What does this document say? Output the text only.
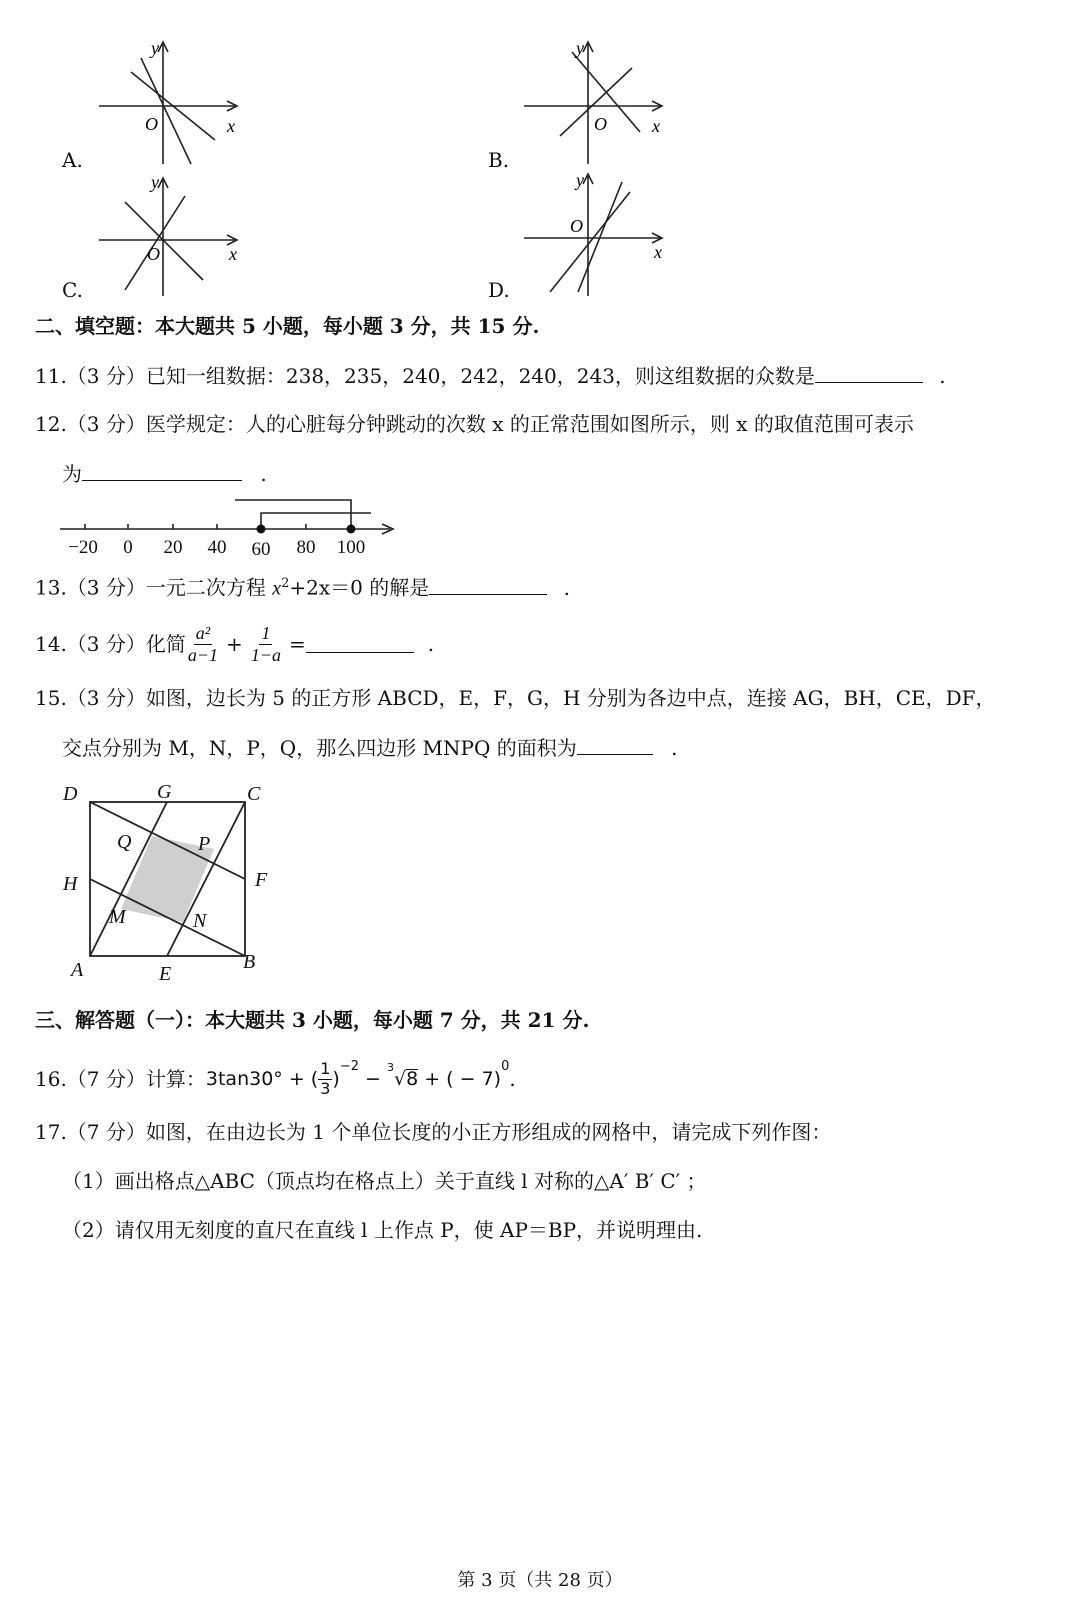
x
y
O
A.
x
y
O
B.
x
y
O
C.
x
y
O
D.
二、填空题：本大题共 5 小题，每小题 3 分，共 15 分.
11.（3 分）已知一组数据：238，235，240，242，240，243，则这组数据的众数是	.
12.（3 分）医学规定：人的心脏每分钟跳动的次数 x 的正常范围如图所示，则 x 的取值范围可表示
为	.
−20 0 20 40 60 80 100
13.（3 分）一元二次方程 $x^2+2x=0$ 的解是	.
14.（3 分）化简 $\frac{\text{a²}}{a-1} + \frac{1}{1-a}$ =	.
15.（3 分）如图，边长为 5 的正方形 ABCD，E，F，G，H 分别为各边中点，连接 AG，BH，CE，DF，
交点分别为 M，N，P，Q，那么四边形 MNPQ 的面积为	.
D	G	C
Q	P
H	F
M	N
A	E
B
三、解答题（一）：本大题共 3 小题，每小题 7 分，共 21 分.
16.（7 分）计算： 3tan30° + ( $\frac{1}{3}$ )
$^{-2}$
− $^3$ √ 8 + ( − 7)
$^0$
.
17.（7 分）如图，在由边长为 1 个单位长度的小正方形组成的网格中，请完成下列作图：
（1）画出格点△ABC（顶点均在格点上）关于直线 l 对称的△A′ B′ C′ ；
（2）请仅用无刻度的直尺在直线 l 上作点 P，使 AP＝BP，并说明理由.
第 3 页（共 28 页）
